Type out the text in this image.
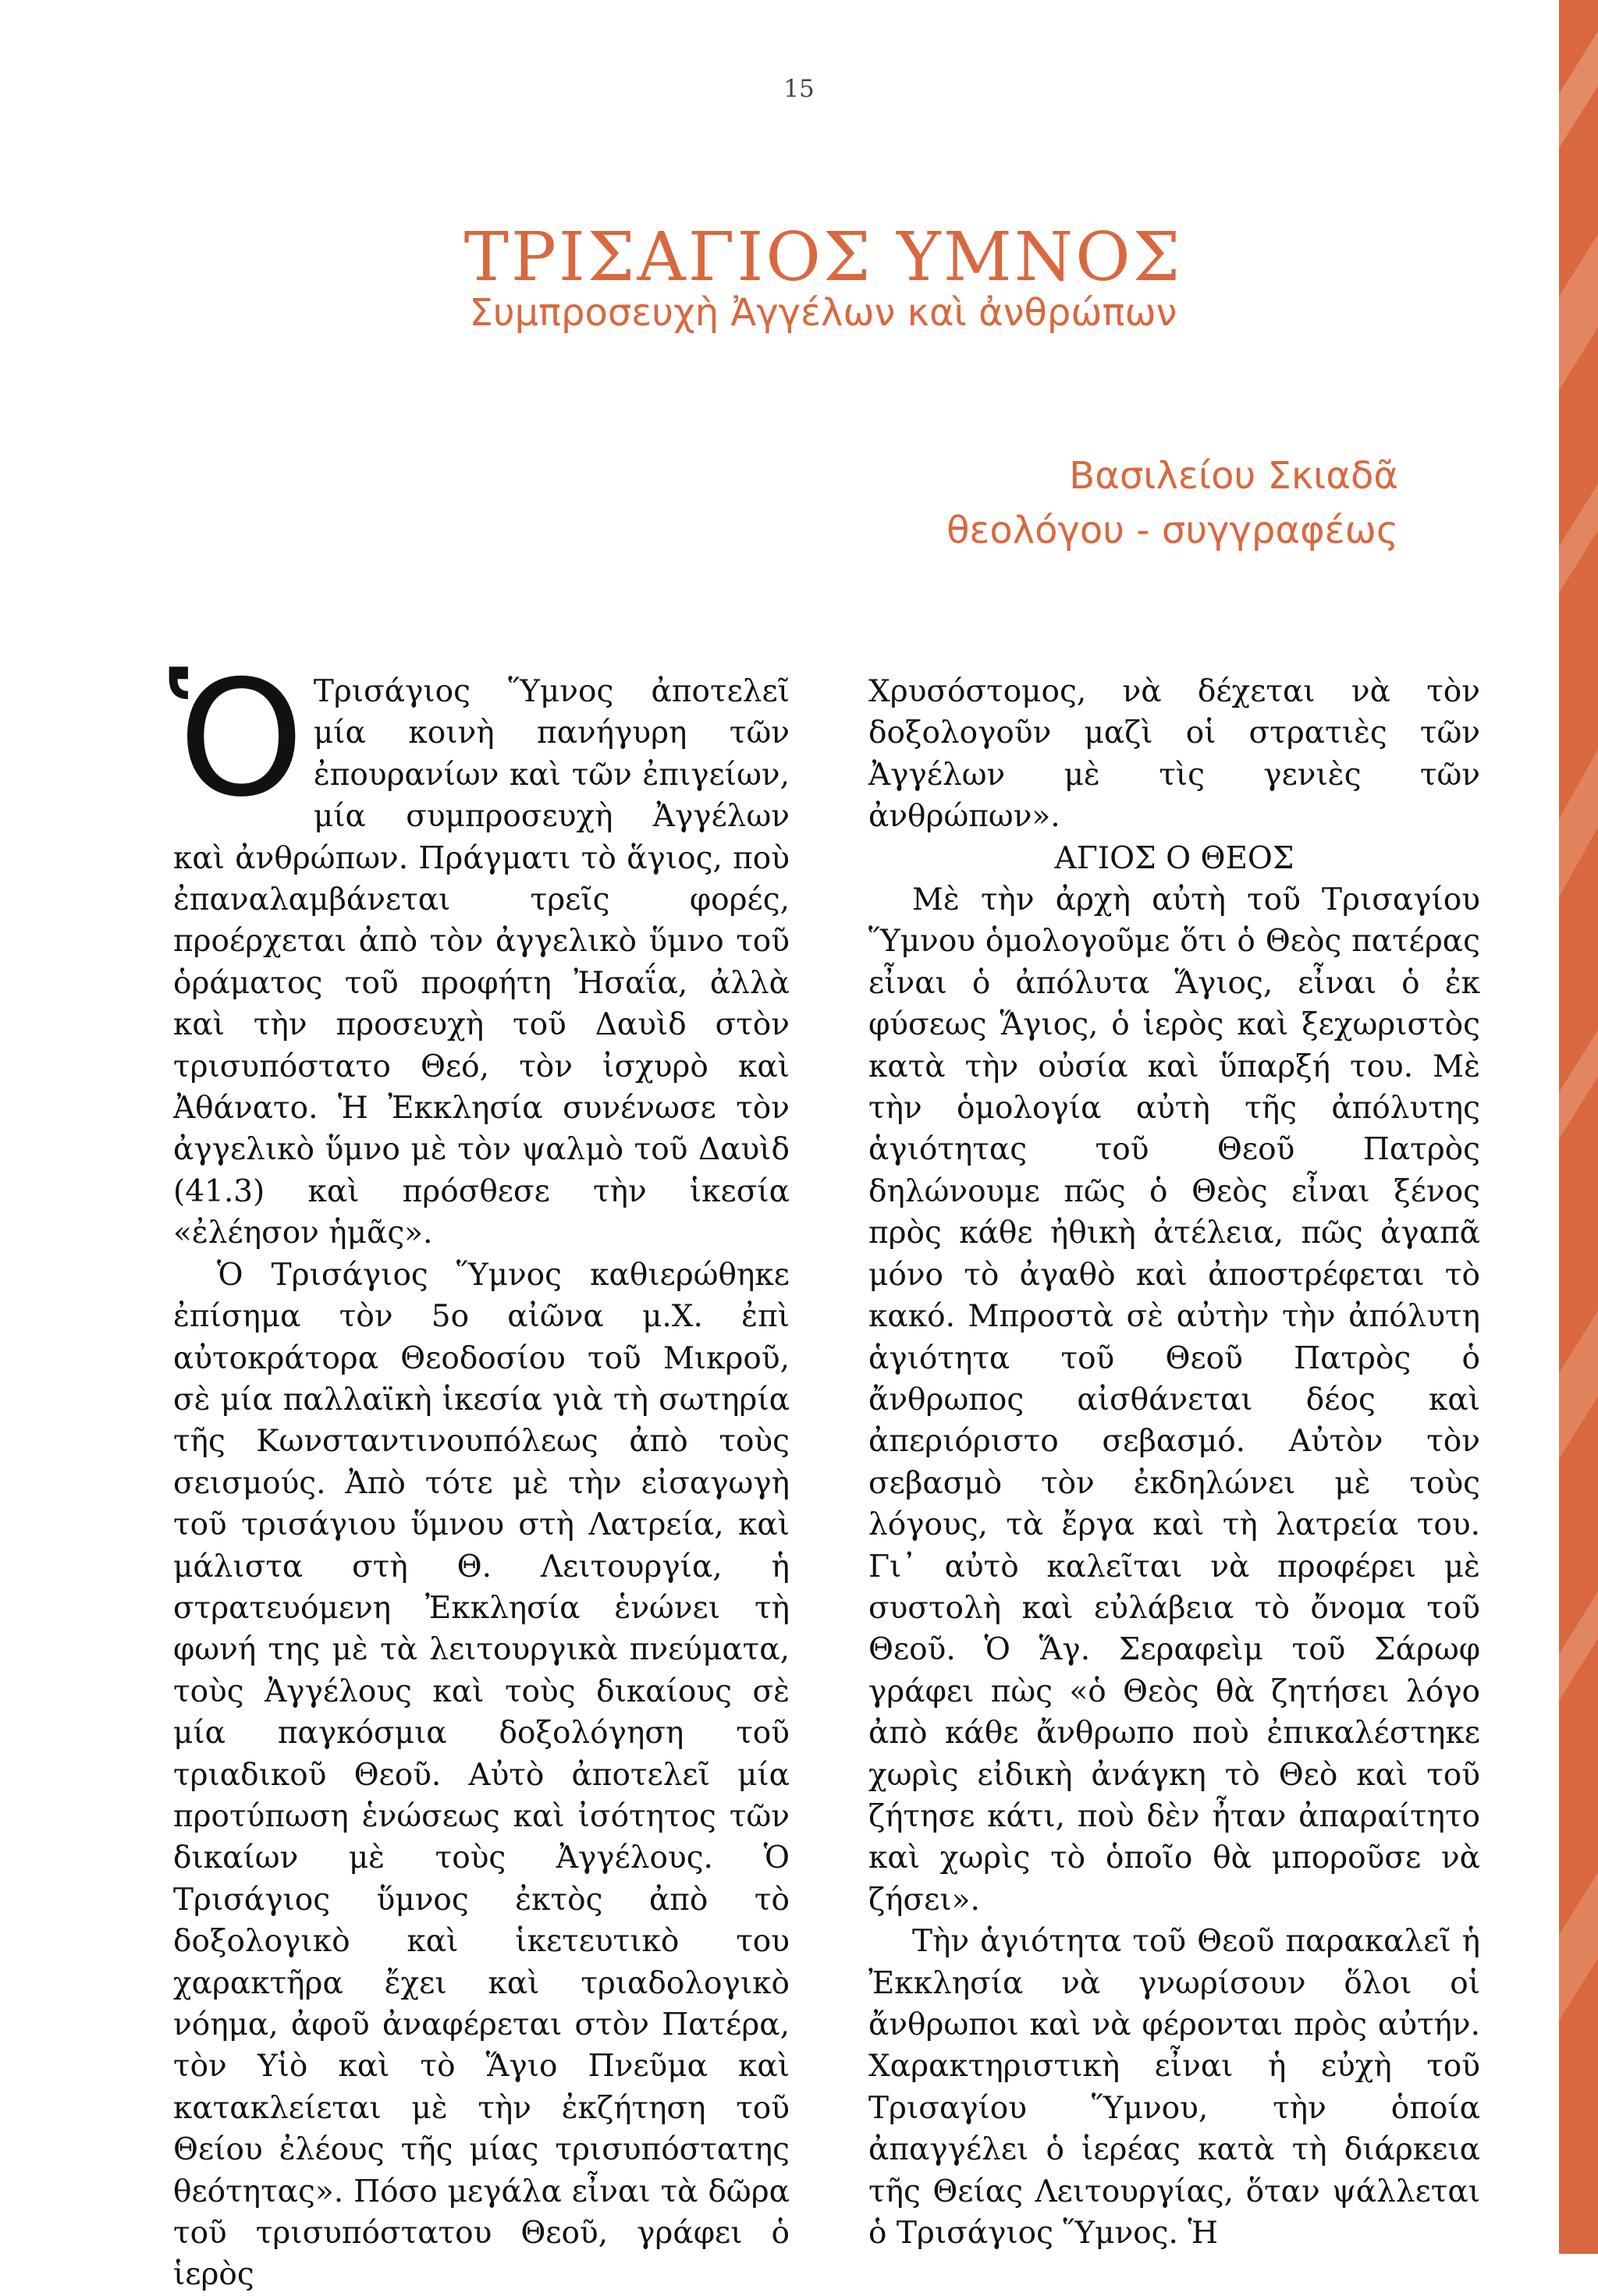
15
ΤΡΙΣΑΓΙΟΣ ΥΜΝΟΣ
Συμπροσευχὴ Ἀγγέλων καὶ ἀνθρώπων
Βασιλείου Σκιαδᾶ
θεολόγου - συγγραφέως

Ὁ Τρισάγιος Ὕμνος ἀποτελεῖ μία κοινὴ πανήγυρη τῶν ἐπουρανίων καὶ τῶν ἐπιγείων, μία συμπροσευχὴ Ἀγγέλων καὶ ἀνθρώπων. Πράγματι τὸ ἅγιος, ποὺ ἐπαναλαμβάνεται τρεῖς φορές, προέρχεται ἀπὸ τὸν ἀγγελικὸ ὕμνο τοῦ ὁράματος τοῦ προφήτη Ἠσαΐα, ἀλλὰ καὶ τὴν προσευχὴ τοῦ Δαυὶδ στὸν τρισυπόστατο Θεό, τὸν ἰσχυρὸ καὶ Ἀθάνατο. Ἡ Ἐκκλησία συνένωσε τὸν ἀγγελικὸ ὕμνο μὲ τὸν ψαλμὸ τοῦ Δαυὶδ (41.3) καὶ πρόσθεσε τὴν ἱκεσία «ἐλέησον ἡμᾶς».

Ὁ Τρισάγιος Ὕμνος καθιερώθηκε ἐπίσημα τὸν 5ο αἰῶνα μ.Χ. ἐπὶ αὐτοκράτορα Θεοδοσίου τοῦ Μικροῦ, σὲ μία παλλαϊκὴ ἱκεσία γιὰ τὴ σωτηρία τῆς Κωνσταντινουπόλεως ἀπὸ τοὺς σεισμούς. Ἀπὸ τότε μὲ τὴν εἰσαγωγὴ τοῦ τρισάγιου ὕμνου στὴ Λατρεία, καὶ μάλιστα στὴ Θ. Λειτουργία, ἡ στρατευόμενη Ἐκκλησία ἑνώνει τὴ φωνή της μὲ τὰ λειτουργικὰ πνεύματα, τοὺς Ἀγγέλους καὶ τοὺς δικαίους σὲ μία παγκόσμια δοξολόγηση τοῦ τριαδικοῦ Θεοῦ. Αὐτὸ ἀποτελεῖ μία προτύπωση ἑνώσεως καὶ ἰσότητος τῶν δικαίων μὲ τοὺς Ἀγγέλους. Ὁ Τρισάγιος ὕμνος ἐκτὸς ἀπὸ τὸ δοξολογικὸ καὶ ἱκετευτικὸ του χαρακτῆρα ἔχει καὶ τριαδολογικὸ νόημα, ἀφοῦ ἀναφέρεται στὸν Πατέρα, τὸν Υἱὸ καὶ τὸ Ἅγιο Πνεῦμα καὶ κατακλείεται μὲ τὴν ἐκζήτηση τοῦ Θείου ἐλέους τῆς μίας τρισυπόστατης θεότητας». Πόσο μεγάλα εἶναι τὰ δῶρα τοῦ τρισυπόστατου Θεοῦ, γράφει ὁ ἱερὸς

Χρυσόστομος, νὰ δέχεται νὰ τὸν δοξολογοῦν μαζὶ οἱ στρατιὲς τῶν Ἀγγέλων μὲ τὶς γενιὲς τῶν ἀνθρώπων».

ΑΓΙΟΣ Ο ΘΕΟΣ

Μὲ τὴν ἀρχὴ αὐτὴ τοῦ Τρισαγίου Ὕμνου ὁμολογοῦμε ὅτι ὁ Θεὸς πατέρας εἶναι ὁ ἀπόλυτα Ἅγιος, εἶναι ὁ ἐκ φύσεως Ἅγιος, ὁ ἱερὸς καὶ ξεχωριστὸς κατὰ τὴν οὐσία καὶ ὕπαρξή του. Μὲ τὴν ὁμολογία αὐτὴ τῆς ἀπόλυτης ἁγιότητας τοῦ Θεοῦ Πατρὸς δηλώνουμε πῶς ὁ Θεὸς εἶναι ξένος πρὸς κάθε ἠθικὴ ἀτέλεια, πῶς ἀγαπᾶ μόνο τὸ ἀγαθὸ καὶ ἀποστρέφεται τὸ κακό. Μπροστὰ σὲ αὐτὴν τὴν ἀπόλυτη ἁγιότητα τοῦ Θεοῦ Πατρὸς ὁ ἄνθρωπος αἰσθάνεται δέος καὶ ἀπεριόριστο σεβασμό. Αὐτὸν τὸν σεβασμὸ τὸν ἐκδηλώνει μὲ τοὺς λόγους, τὰ ἔργα καὶ τὴ λατρεία του. Γι᾽ αὐτὸ καλεῖται νὰ προφέρει μὲ συστολὴ καὶ εὐλάβεια τὸ ὄνομα τοῦ Θεοῦ. Ὁ Ἅγ. Σεραφεὶμ τοῦ Σάρωφ γράφει πὼς «ὁ Θεὸς θὰ ζητήσει λόγο ἀπὸ κάθε ἄνθρωπο ποὺ ἐπικαλέστηκε χωρὶς εἰδικὴ ἀνάγκη τὸ Θεὸ καὶ τοῦ ζήτησε κάτι, ποὺ δὲν ἦταν ἀπαραίτητο καὶ χωρὶς τὸ ὁποῖο θὰ μποροῦσε νὰ ζήσει».

Τὴν ἁγιότητα τοῦ Θεοῦ παρακαλεῖ ἡ Ἐκκλησία νὰ γνωρίσουν ὅλοι οἱ ἄνθρωποι καὶ νὰ φέρονται πρὸς αὐτήν. Χαρακτηριστικὴ εἶναι ἡ εὐχὴ τοῦ Τρισαγίου Ὕμνου, τὴν ὁποία ἀπαγγέλει ὁ ἱερέας κατὰ τὴ διάρκεια τῆς Θείας Λειτουργίας, ὅταν ψάλλεται ὁ Τρισάγιος Ὕμνος. Ἡ
